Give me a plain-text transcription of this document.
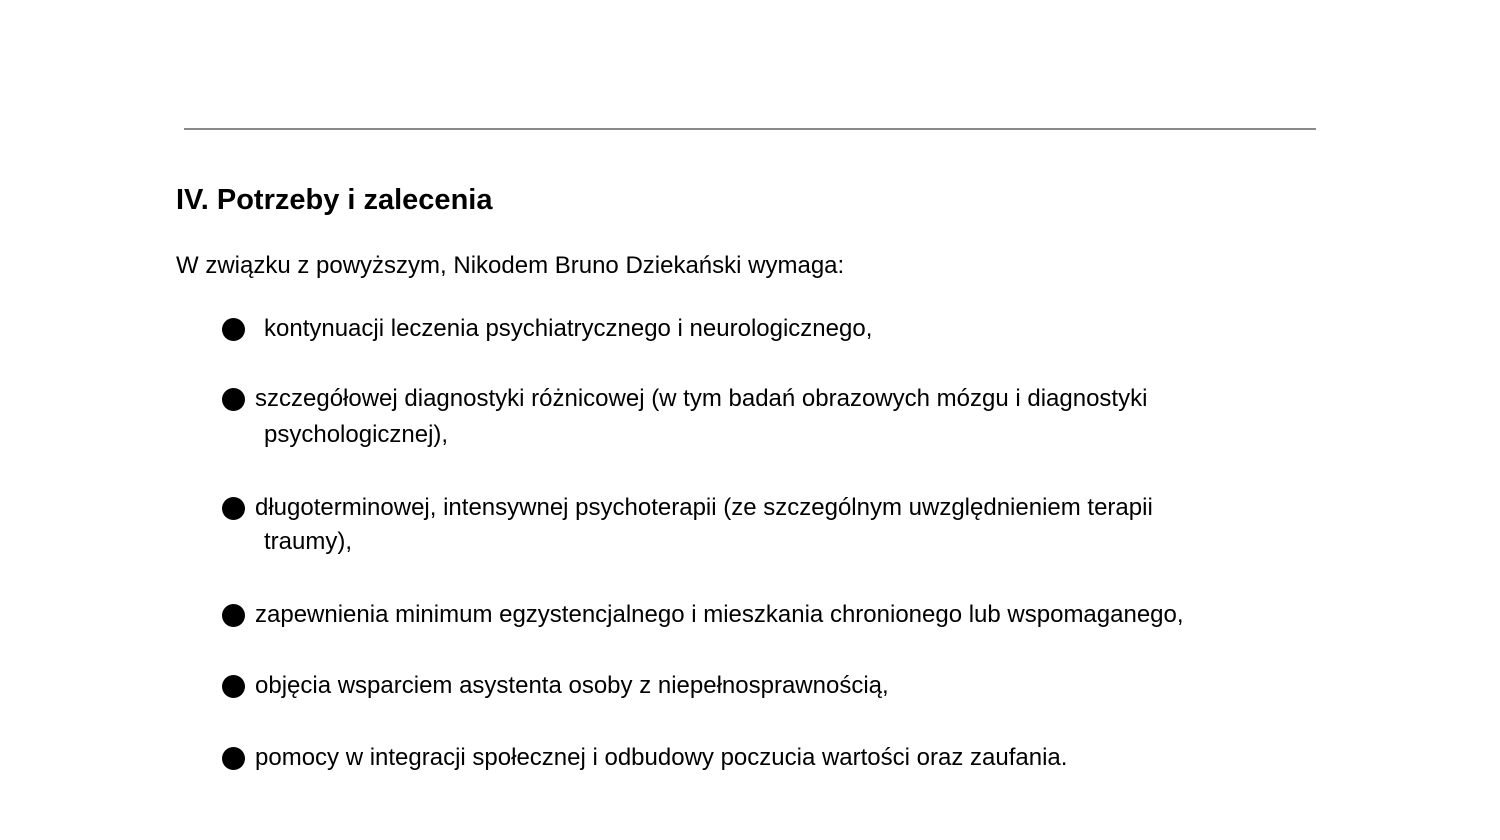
IV. Potrzeby i zalecenia

W związku z powyższym, Nikodem Bruno Dziekański wymaga:

kontynuacji leczenia psychiatrycznego i neurologicznego,
szczegółowej diagnostyki różnicowej (w tym badań obrazowych mózgu i diagnostyki
psychologicznej),
długoterminowej, intensywnej psychoterapii (ze szczególnym uwzględnieniem terapii
traumy),
zapewnienia minimum egzystencjalnego i mieszkania chronionego lub wspomaganego,
objęcia wsparciem asystenta osoby z niepełnosprawnością,
pomocy w integracji społecznej i odbudowy poczucia wartości oraz zaufania.
